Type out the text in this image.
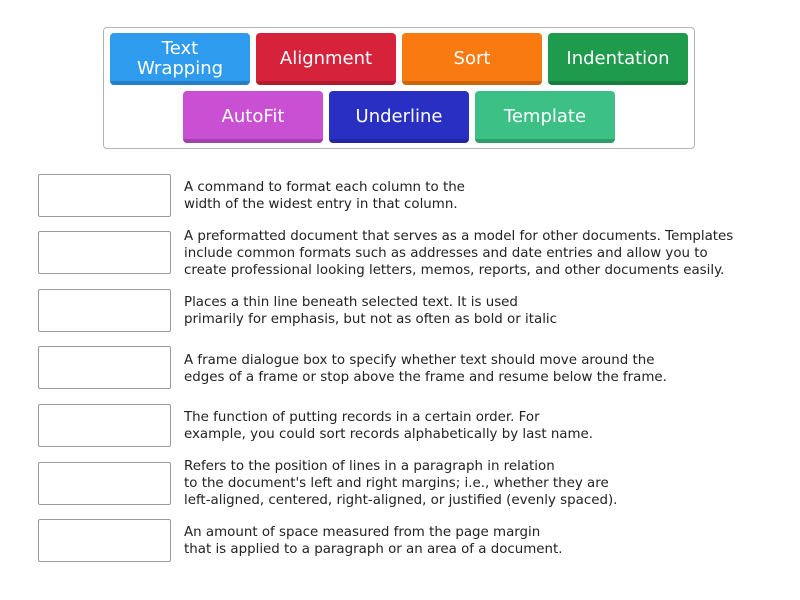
Text
Wrapping	Alignment	Sort	Indentation
AutoFit	Underline	Template
A command to format each column to the
width of the widest entry in that column.
A preformatted document that serves as a model for other documents. Templates
include common formats such as addresses and date entries and allow you to
create professional looking letters, memos, reports, and other documents easily.
Places a thin line beneath selected text. It is used
primarily for emphasis, but not as often as bold or italic
A frame dialogue box to specify whether text should move around the
edges of a frame or stop above the frame and resume below the frame.
The function of putting records in a certain order. For
example, you could sort records alphabetically by last name.
Refers to the position of lines in a paragraph in relation
to the document's left and right margins; i.e., whether they are
left-aligned, centered, right-aligned, or justified (evenly spaced).
An amount of space measured from the page margin
that is applied to a paragraph or an area of a document.
